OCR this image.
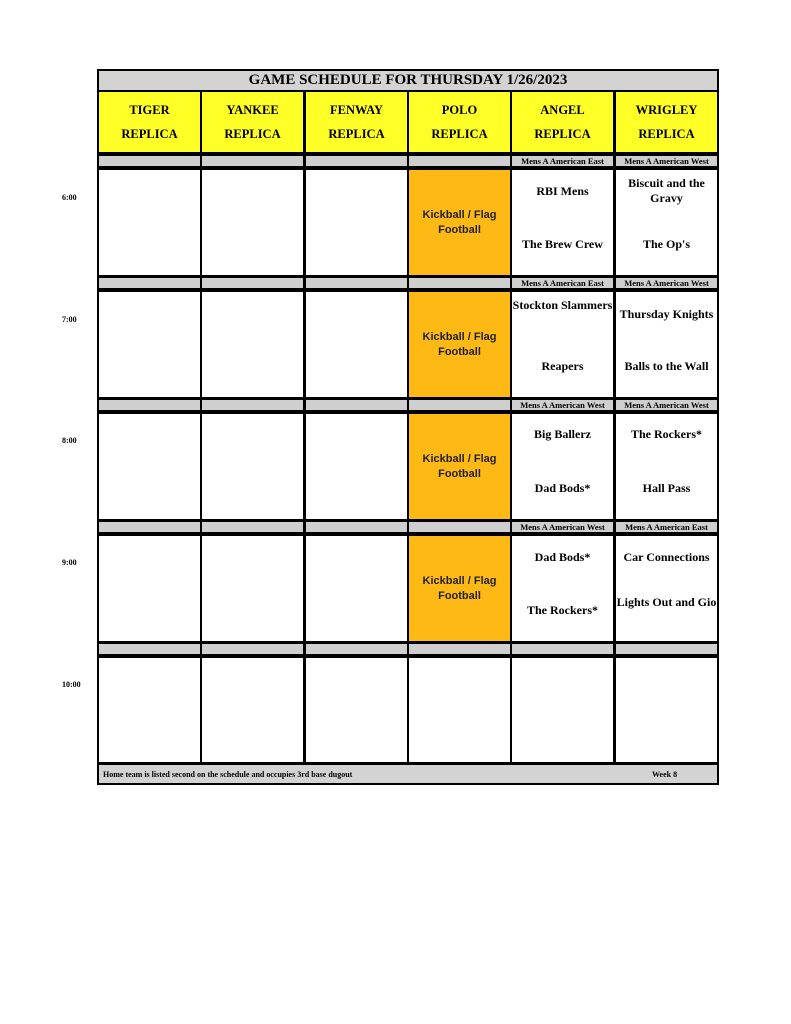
GAME SCHEDULE FOR THURSDAY 1/26/2023
TIGER
REPLICA
YANKEE
REPLICA
FENWAY
REPLICA
POLO
REPLICA
ANGEL
REPLICA
WRIGLEY
REPLICA
Kickball / Flag Football
Mens A American East
RBI Mens
The Brew Crew
Mens A American West
Biscuit and the Gravy
The Op's
Kickball / Flag Football
Mens A American East
Stockton Slammers
Reapers
Mens A American West
Thursday Knights
Balls to the Wall
Kickball / Flag Football
Mens A American West
Big Ballerz
Dad Bods*
Mens A American West
The Rockers*
Hall Pass
Kickball / Flag Football
Mens A American West
Dad Bods*
The Rockers*
Mens A American East
Car Connections
Lights Out and Gio
Home team is listed second on the schedule and occupies 3rd base dugout	Week 8
6:00
7:00
8:00
9:00
10:00
